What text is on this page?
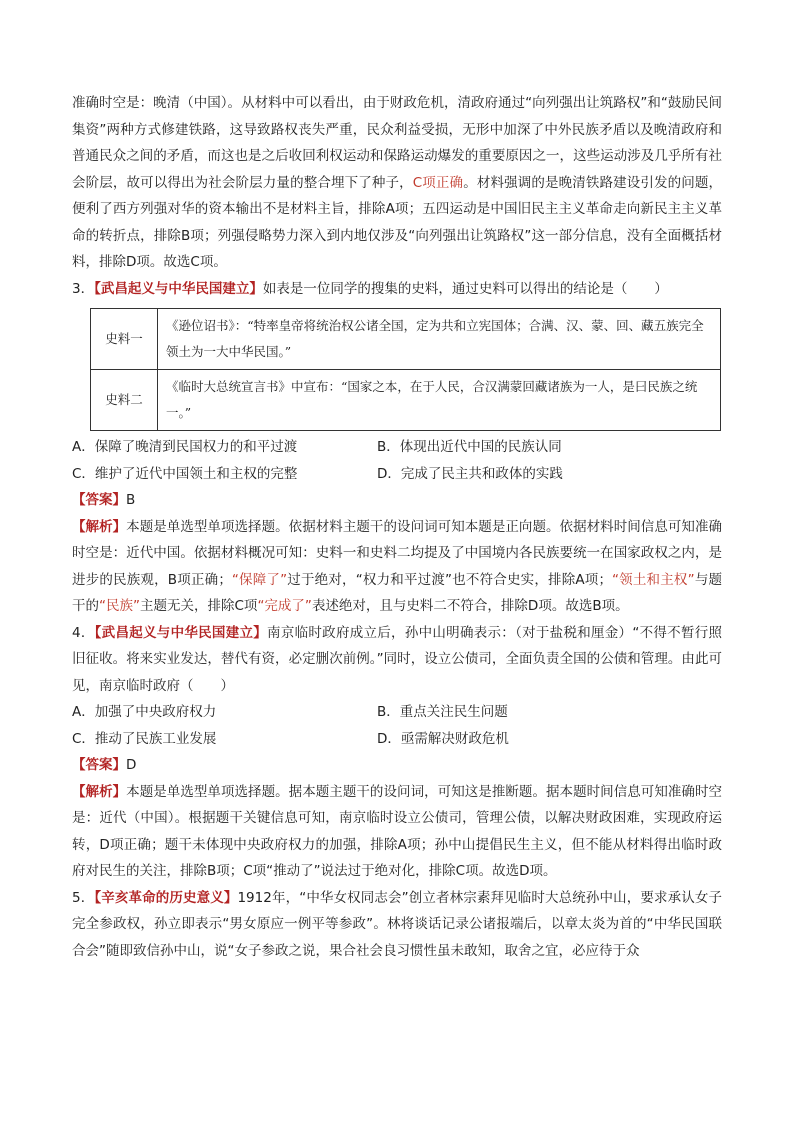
准确时空是：晚清（中国）。从材料中可以看出，由于财政危机，清政府通过“向列强出让筑路权”和“鼓励民间集资”两种方式修建铁路，这导致路权丧失严重，民众利益受损，无形中加深了中外民族矛盾以及晚清政府和普通民众之间的矛盾，而这也是之后收回利权运动和保路运动爆发的重要原因之一，这些运动涉及几乎所有社会阶层，故可以得出为社会阶层力量的整合埋下了种子，C项正确。材料强调的是晚清铁路建设引发的问题，便利了西方列强对华的资本输出不是材料主旨，排除A项；五四运动是中国旧民主主义革命走向新民主主义革命的转折点，排除B项；列强侵略势力深入到内地仅涉及“向列强出让筑路权”这一部分信息，没有全面概括材料，排除D项。故选C项。

3．【武昌起义与中华民国建立】如表是一位同学的搜集的史料，通过史料可以得出的结论是（　　）

史料一	《逊位诏书》：“特率皇帝将统治权公诸全国，定为共和立宪国体；合满、汉、蒙、回、藏五族完全领土为一大中华民国。”
史料二	《临时大总统宣言书》中宣布：“国家之本，在于人民，合汉满蒙回藏诸族为一人，是曰民族之统一。”
A．保障了晚清到民国权力的和平过渡	B．体现出近代中国的民族认同
C．维护了近代中国领土和主权的完整	D．完成了民主共和政体的实践

【答案】B

【解析】本题是单选型单项选择题。依据材料主题干的设问词可知本题是正向题。依据材料时间信息可知准确时空是：近代中国。依据材料概况可知：史料一和史料二均提及了中国境内各民族要统一在国家政权之内，是进步的民族观，B项正确；“保障了”过于绝对，“权力和平过渡”也不符合史实，排除A项；“领土和主权”与题干的“民族”主题无关，排除C项“完成了”表述绝对，且与史料二不符合，排除D项。故选B项。

4．【武昌起义与中华民国建立】南京临时政府成立后，孙中山明确表示：（对于盐税和厘金）“不得不暂行照旧征收。将来实业发达，替代有资，必定删次前例。”同时，设立公债司，全面负责全国的公债和管理。由此可见，南京临时政府（　　）

A．加强了中央政府权力	B．重点关注民生问题
C．推动了民族工业发展	D．亟需解决财政危机

【答案】D

【解析】本题是单选型单项选择题。据本题主题干的设问词，可知这是推断题。据本题时间信息可知准确时空是：近代（中国）。根据题干关键信息可知，南京临时设立公债司，管理公债，以解决财政困难，实现政府运转，D项正确；题干未体现中央政府权力的加强，排除A项；孙中山提倡民生主义，但不能从材料得出临时政府对民生的关注，排除B项；C项“推动了”说法过于绝对化，排除C项。故选D项。

5．【辛亥革命的历史意义】1912年，“中华女权同志会”创立者林宗素拜见临时大总统孙中山，要求承认女子完全参政权，孙立即表示“男女原应一例平等参政”。林将谈话记录公诸报端后，以章太炎为首的“中华民国联合会”随即致信孙中山，说“女子参政之说，果合社会良习惯性虽未敢知，取舍之宜，必应待于众
